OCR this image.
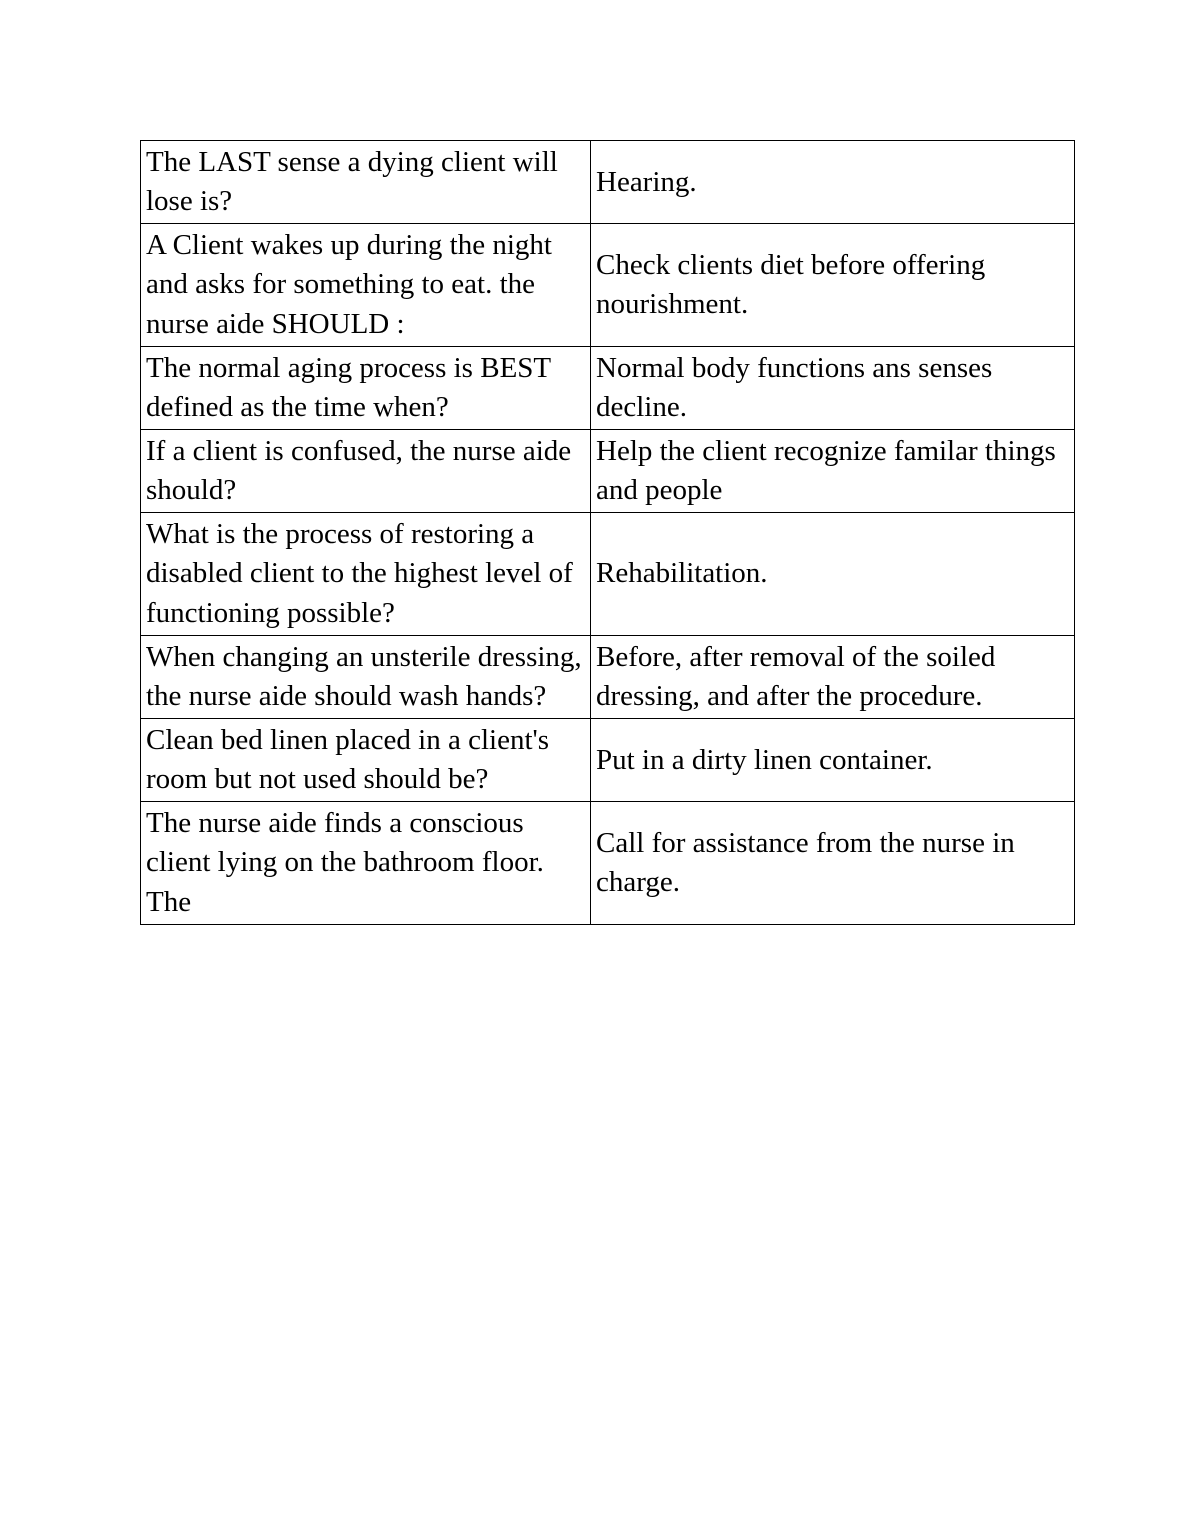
The LAST sense a dying client will lose is?	Hearing.
A Client wakes up during the night and asks for something to eat. the nurse aide SHOULD :	Check clients diet before offering nourishment.
The normal aging process is BEST defined as the time when?	Normal body functions ans senses decline.
If a client is confused, the nurse aide should?	Help the client recognize familar things and people
What is the process of restoring a disabled client to the highest level of functioning possible?	Rehabilitation.
When changing an unsterile dressing, the nurse aide should wash hands?	Before, after removal of the soiled dressing, and after the procedure.
Clean bed linen placed in a client's room but not used should be?	Put in a dirty linen container.
The nurse aide finds a conscious client lying on the bathroom floor. The	Call for assistance from the nurse in charge.
